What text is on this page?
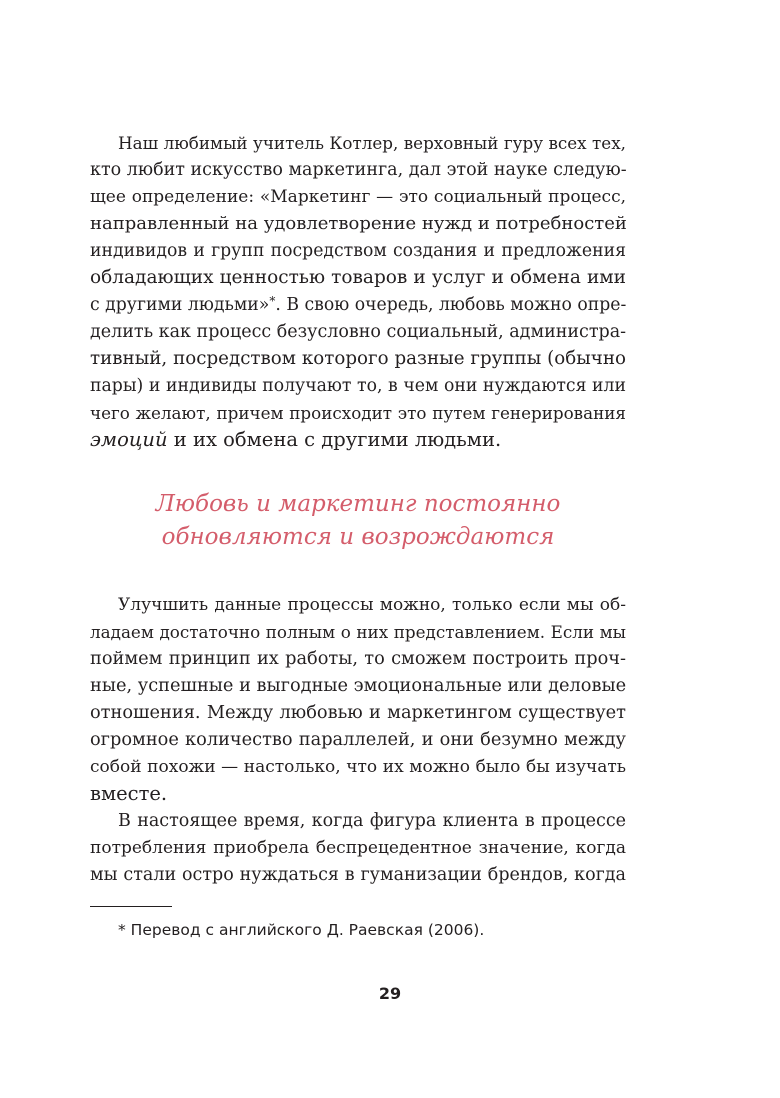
Наш любимый учитель Котлер, верховный гуру всех тех,
кто любит искусство маркетинга, дал этой науке следую-
щее определение: «Маркетинг — это социальный процесс,
направленный на удовлетворение нужд и потребностей
индивидов и групп посредством создания и предложения
обладающих ценностью товаров и услуг и обмена ими
с другими людьми»*. В свою очередь, любовь можно опре-
делить как процесс безусловно социальный, администра-
тивный, посредством которого разные группы (обычно
пары) и индивиды получают то, в чем они нуждаются или
чего желают, причем происходит это путем генерирования
эмоций и их обмена с другими людьми.
Любовь и маркетинг постоянно
обновляются и возрождаются
Улучшить данные процессы можно, только если мы об-
ладаем достаточно полным о них представлением. Если мы
поймем принцип их работы, то сможем построить проч-
ные, успешные и выгодные эмоциональные или деловые
отношения. Между любовью и маркетингом существует
огромное количество параллелей, и они безумно между
собой похожи — настолько, что их можно было бы изучать
вместе.
В настоящее время, когда фигура клиента в процессе
потребления приобрела беспрецедентное значение, когда
мы стали остро нуждаться в гуманизации брендов, когда
* Перевод с английского Д. Раевская (2006).
29
